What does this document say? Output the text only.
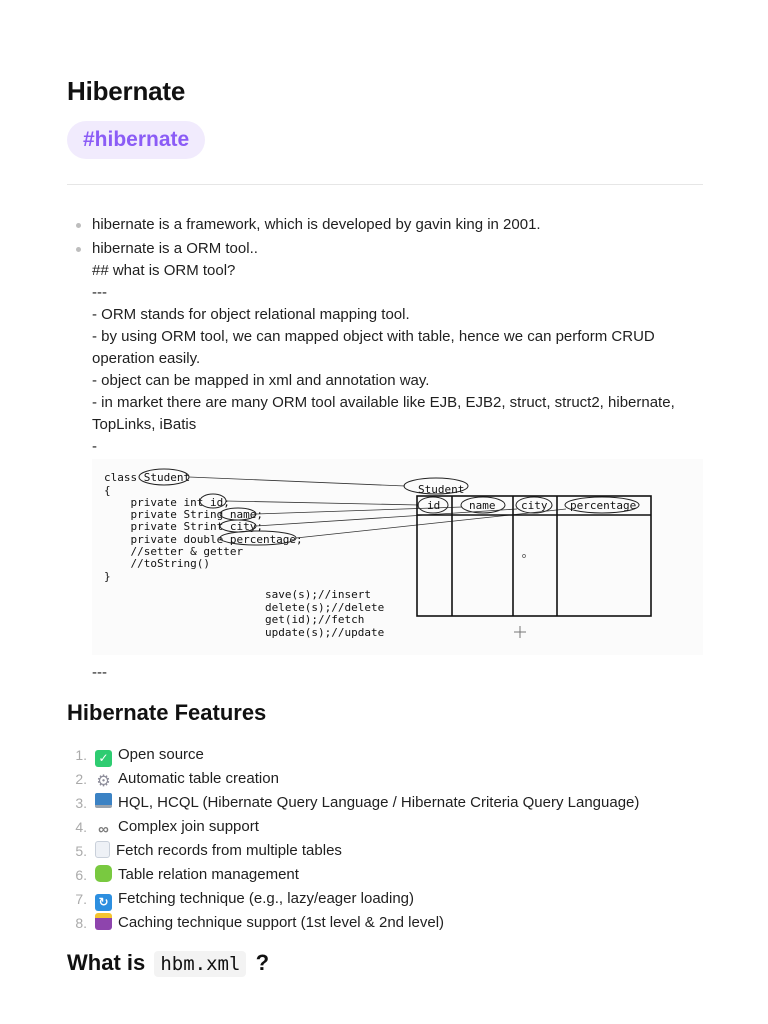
Hibernate
#hibernate
hibernate is a framework, which is developed by gavin king in 2001.
hibernate is a ORM tool..
## what is ORM tool?
---
- ORM stands for object relational mapping tool.
- by using ORM tool, we can mapped object with table, hence we can perform CRUD
operation easily.
- object can be mapped in xml and annotation way.
- in market there are many ORM tool available like EJB, EJB2, struct, struct2, hibernate,
TopLinks, iBatis
-
class Student
{
private int id;
private String name;
private Strint city;
private double percentage;
//setter & getter
//toString()
}
Student
id	name city percentage
save(s);//insert
delete(s);//delete
get(id);//fetch
update(s);//update
---
Hibernate Features
1. ✓ Open source
2. ⚙ Automatic table creation
3. HQL, HCQL (Hibernate Query Language / Hibernate Criteria Query Language)
4. ∞ Complex join support
5. Fetch records from multiple tables
6. Table relation management
7. ↻ Fetching technique (e.g., lazy/eager loading)
8. Caching technique support (1st level & 2nd level)
What is hbm.xml ?
